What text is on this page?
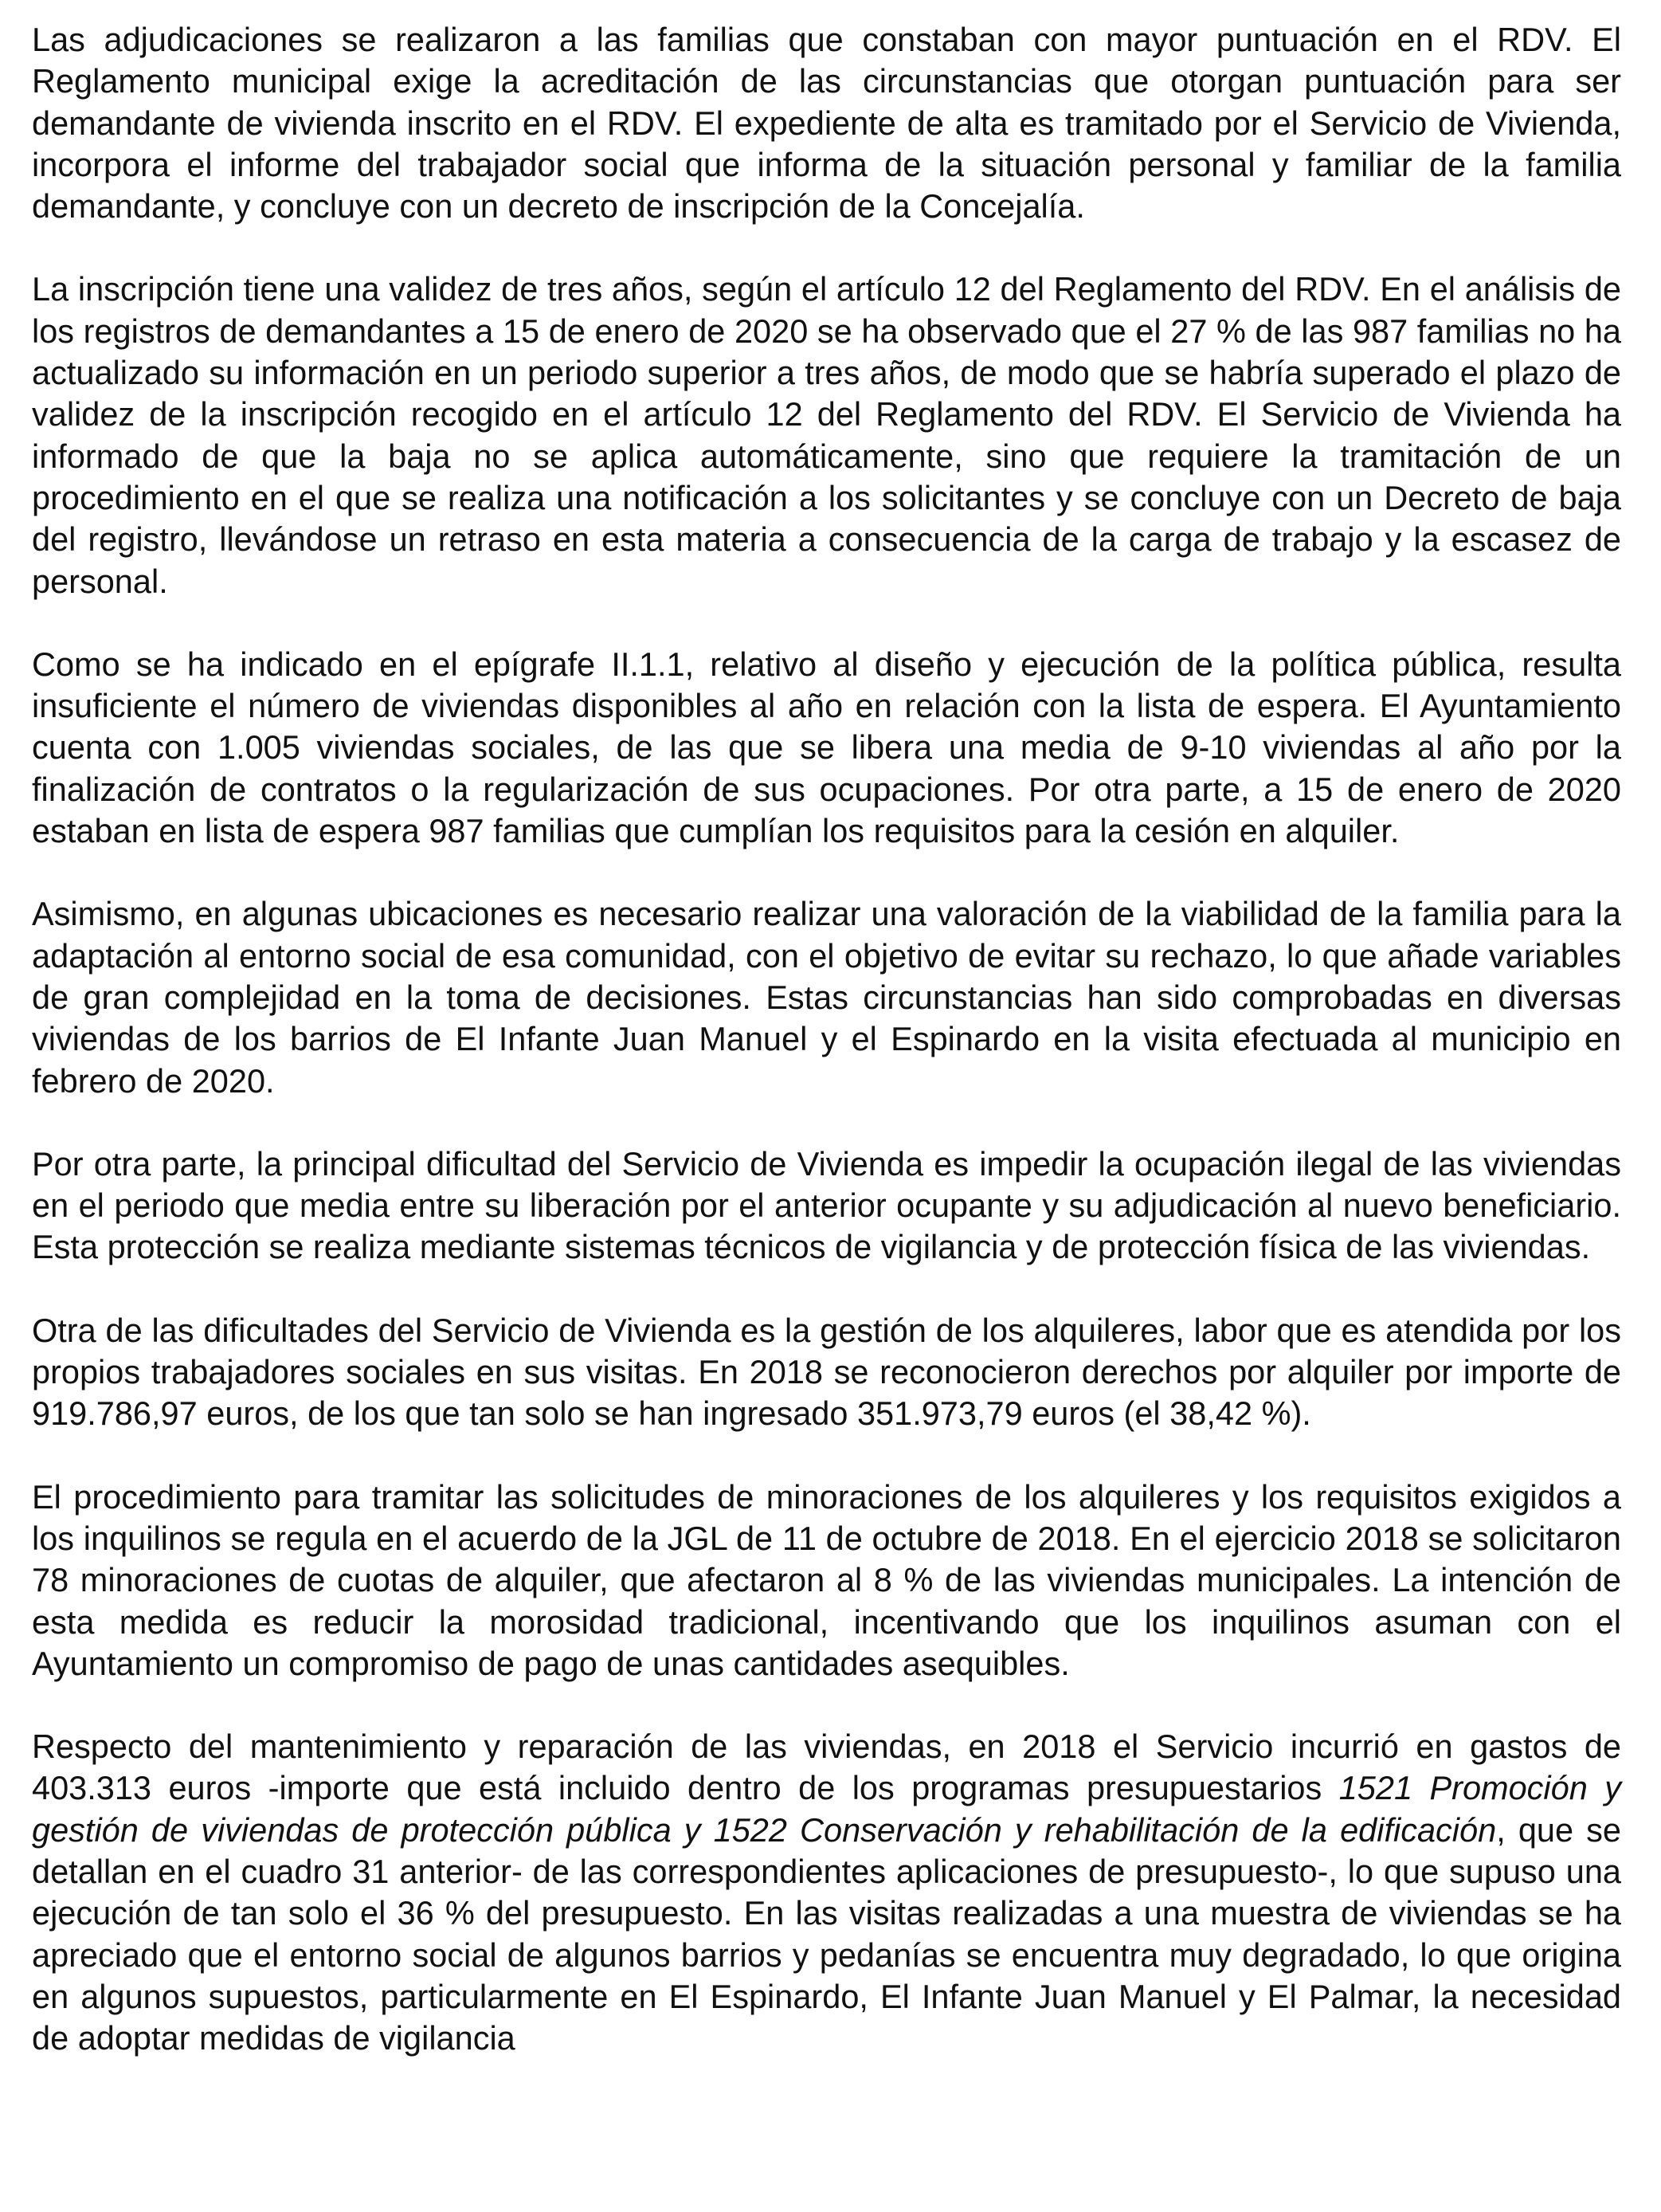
Las adjudicaciones se realizaron a las familias que constaban con mayor puntuación en el RDV. El Reglamento municipal exige la acreditación de las circunstancias que otorgan puntuación para ser demandante de vivienda inscrito en el RDV. El expediente de alta es tramitado por el Servicio de Vivienda, incorpora el informe del trabajador social que informa de la situación personal y familiar de la familia demandante, y concluye con un decreto de inscripción de la Concejalía.

La inscripción tiene una validez de tres años, según el artículo 12 del Reglamento del RDV. En el análisis de los registros de demandantes a 15 de enero de 2020 se ha observado que el 27 % de las 987 familias no ha actualizado su información en un periodo superior a tres años, de modo que se habría superado el plazo de validez de la inscripción recogido en el artículo 12 del Reglamento del RDV. El Servicio de Vivienda ha informado de que la baja no se aplica automáticamente, sino que requiere la tramitación de un procedimiento en el que se realiza una notificación a los solicitantes y se concluye con un Decreto de baja del registro, llevándose un retraso en esta materia a consecuencia de la carga de trabajo y la escasez de personal.

Como se ha indicado en el epígrafe II.1.1, relativo al diseño y ejecución de la política pública, resulta insuficiente el número de viviendas disponibles al año en relación con la lista de espera. El Ayuntamiento cuenta con 1.005 viviendas sociales, de las que se libera una media de 9-10 viviendas al año por la finalización de contratos o la regularización de sus ocupaciones. Por otra parte, a 15 de enero de 2020 estaban en lista de espera 987 familias que cumplían los requisitos para la cesión en alquiler.

Asimismo, en algunas ubicaciones es necesario realizar una valoración de la viabilidad de la familia para la adaptación al entorno social de esa comunidad, con el objetivo de evitar su rechazo, lo que añade variables de gran complejidad en la toma de decisiones. Estas circunstancias han sido comprobadas en diversas viviendas de los barrios de El Infante Juan Manuel y el Espinardo en la visita efectuada al municipio en febrero de 2020.

Por otra parte, la principal dificultad del Servicio de Vivienda es impedir la ocupación ilegal de las viviendas en el periodo que media entre su liberación por el anterior ocupante y su adjudicación al nuevo beneficiario. Esta protección se realiza mediante sistemas técnicos de vigilancia y de protección física de las viviendas.

Otra de las dificultades del Servicio de Vivienda es la gestión de los alquileres, labor que es atendida por los propios trabajadores sociales en sus visitas. En 2018 se reconocieron derechos por alquiler por importe de 919.786,97 euros, de los que tan solo se han ingresado 351.973,79 euros (el 38,42 %).

El procedimiento para tramitar las solicitudes de minoraciones de los alquileres y los requisitos exigidos a los inquilinos se regula en el acuerdo de la JGL de 11 de octubre de 2018. En el ejercicio 2018 se solicitaron 78 minoraciones de cuotas de alquiler, que afectaron al 8 % de las viviendas municipales. La intención de esta medida es reducir la morosidad tradicional, incentivando que los inquilinos asuman con el Ayuntamiento un compromiso de pago de unas cantidades asequibles.

Respecto del mantenimiento y reparación de las viviendas, en 2018 el Servicio incurrió en gastos de 403.313 euros -importe que está incluido dentro de los programas presupuestarios 1521 Promoción y gestión de viviendas de protección pública y 1522 Conservación y rehabilitación de la edificación, que se detallan en el cuadro 31 anterior- de las correspondientes aplicaciones de presupuesto-, lo que supuso una ejecución de tan solo el 36 % del presupuesto. En las visitas realizadas a una muestra de viviendas se ha apreciado que el entorno social de algunos barrios y pedanías se encuentra muy degradado, lo que origina en algunos supuestos, particularmente en El Espinardo, El Infante Juan Manuel y El Palmar, la necesidad de adoptar medidas de vigilancia
